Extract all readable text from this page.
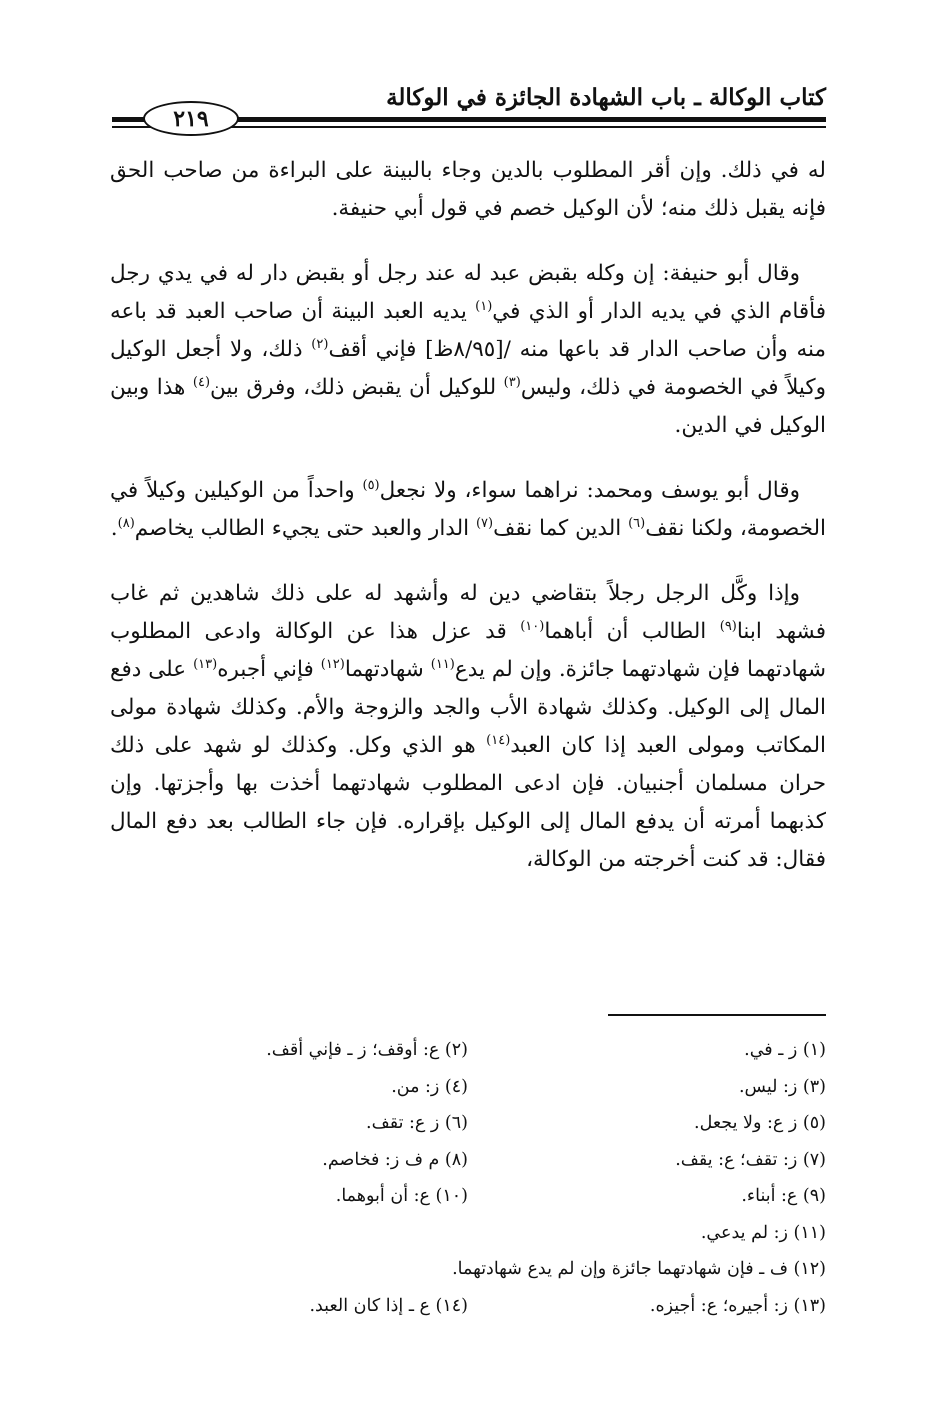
كتاب الوكالة ـ باب الشهادة الجائزة في الوكالة
٢١٩

له في ذلك. وإن أقر المطلوب بالدين وجاء بالبينة على البراءة من صاحب الحق فإنه يقبل ذلك منه؛ لأن الوكيل خصم في قول أبي حنيفة.

وقال أبو حنيفة: إن وكله بقبض عبد له عند رجل أو بقبض دار له في يدي رجل فأقام الذي في يديه الدار أو الذي في$^{(١)}$ يديه العبد البينة أن صاحب العبد قد باعه منه وأن صاحب الدار قد باعها منه /[٨/٩٥ظ] فإني أقف$^{(٢)}$ ذلك، ولا أجعل الوكيل وكيلاً في الخصومة في ذلك، وليس$^{(٣)}$ للوكيل أن يقبض ذلك، وفرق بين$^{(٤)}$ هذا وبين الوكيل في الدين.

وقال أبو يوسف ومحمد: نراهما سواء، ولا نجعل$^{(٥)}$ واحداً من الوكيلين وكيلاً في الخصومة، ولكنا نقف$^{(٦)}$ الدين كما نقف$^{(٧)}$ الدار والعبد حتى يجيء الطالب يخاصم$^{(٨)}$.

وإذا وكَّل الرجل رجلاً بتقاضي دين له وأشهد له على ذلك شاهدين ثم غاب فشهد ابنا$^{(٩)}$ الطالب أن أباهما$^{(١٠)}$ قد عزل هذا عن الوكالة وادعى المطلوب شهادتهما فإن شهادتهما جائزة. وإن لم يدع$^{(١١)}$ شهادتهما$^{(١٢)}$ فإني أجبره$^{(١٣)}$ على دفع المال إلى الوكيل. وكذلك شهادة الأب والجد والزوجة والأم. وكذلك شهادة مولى المكاتب ومولى العبد إذا كان العبد$^{(١٤)}$ هو الذي وكل. وكذلك لو شهد على ذلك حران مسلمان أجنبيان. فإن ادعى المطلوب شهادتهما أخذت بها وأجزتها. وإن كذبهما أمرته أن يدفع المال إلى الوكيل بإقراره. فإن جاء الطالب بعد دفع المال فقال: قد كنت أخرجته من الوكالة،

(١) ز ـ في.
(٢) ع: أوقف؛ ز ـ فإني أقف.
(٣) ز: ليس.
(٤) ز: من.
(٥) ز ع: ولا يجعل.
(٦) ز ع: تقف.
(٧) ز: تقف؛ ع: يقف.
(٨) م ف ز: فخاصم.
(٩) ع: أبناء.
(١٠) ع: أن أبوهما.
(١١) ز: لم يدعي.
(١٢) ف ـ فإن شهادتهما جائزة وإن لم يدع شهادتهما.
(١٣) ز: أجيره؛ ع: أجيزه.
(١٤) ع ـ إذا كان العبد.
